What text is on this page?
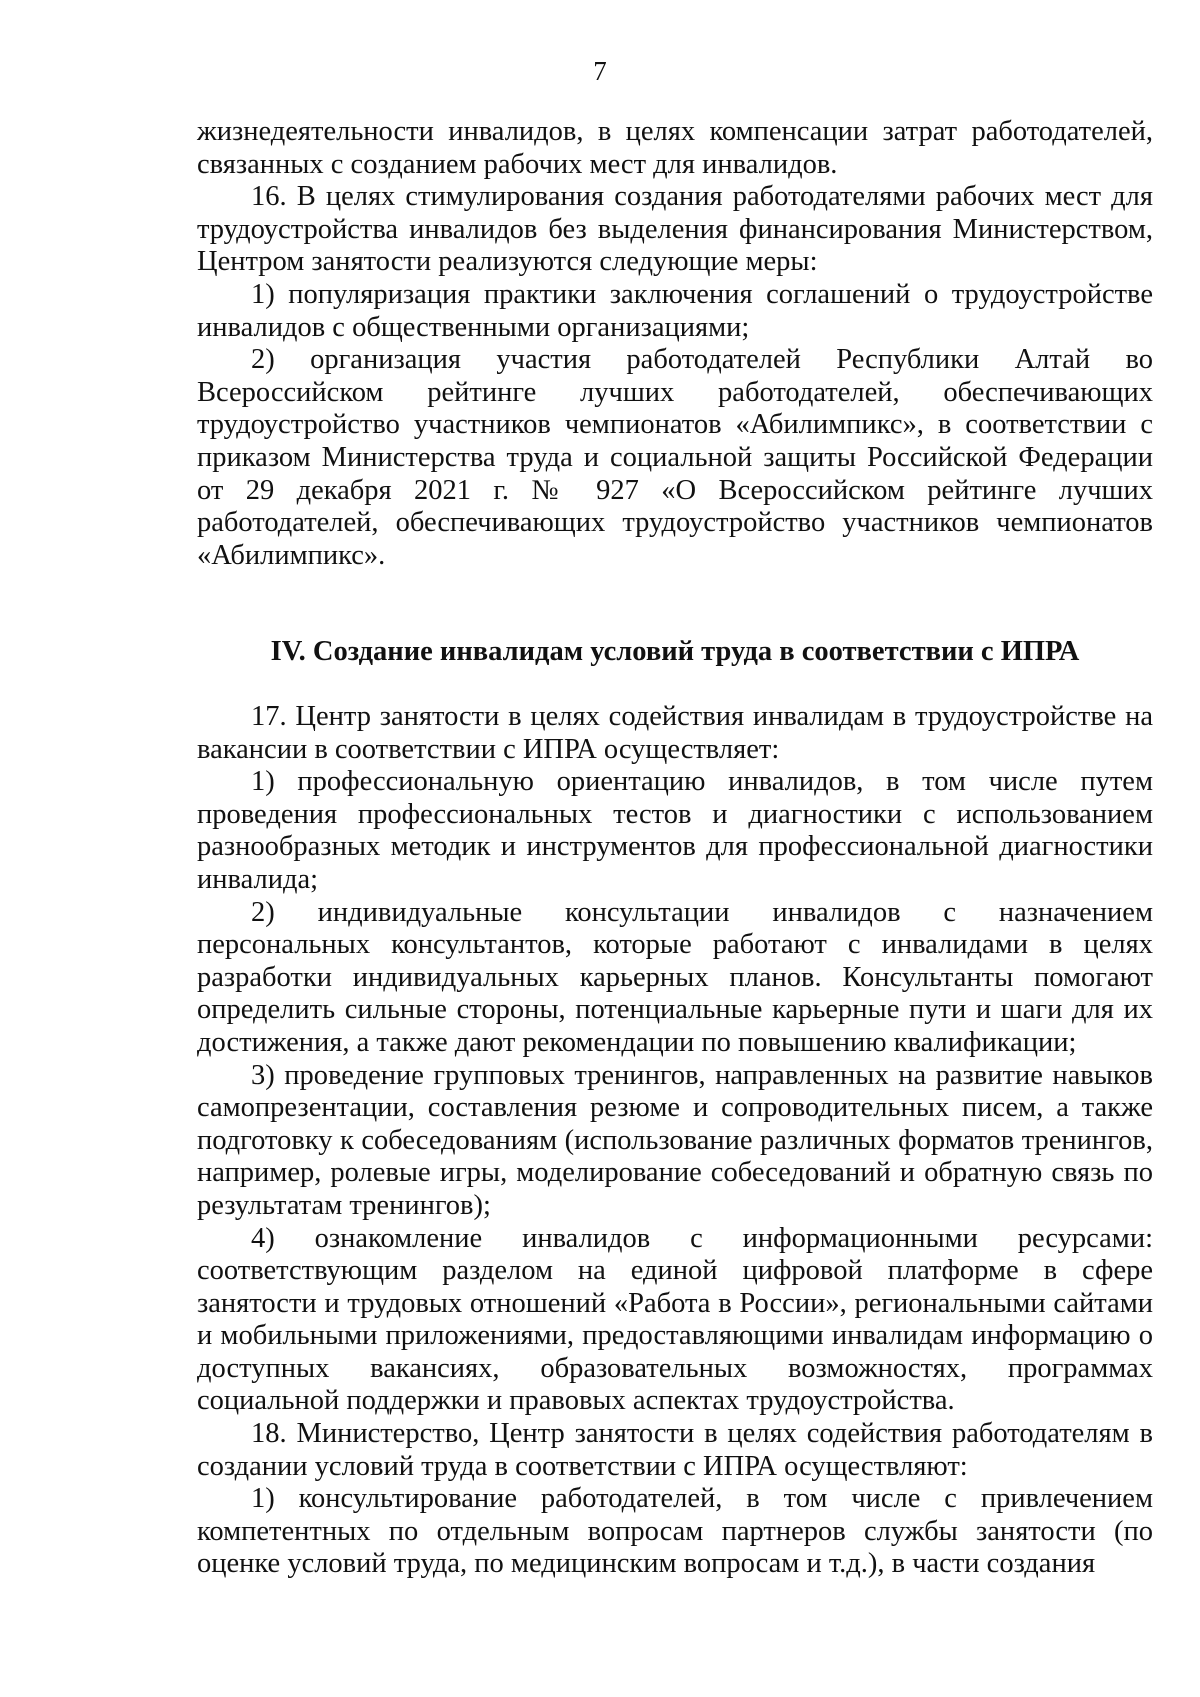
7

жизнедеятельности инвалидов, в целях компенсации затрат работодателей, связанных с созданием рабочих мест для инвалидов.

16. В целях стимулирования создания работодателями рабочих мест для трудоустройства инвалидов без выделения финансирования Министерством, Центром занятости реализуются следующие меры:

1) популяризация практики заключения соглашений о трудоустройстве инвалидов с общественными организациями;

2) организация участия работодателей Республики Алтай во Всероссийском рейтинге лучших работодателей, обеспечивающих трудоустройство участников чемпионатов «Абилимпикс», в соответствии с приказом Министерства труда и социальной защиты Российской Федерации от 29 декабря 2021 г. № 927 «О Всероссийском рейтинге лучших работодателей, обеспечивающих трудоустройство участников чемпионатов «Абилимпикс».

IV. Создание инвалидам условий труда в соответствии с ИПРА

17. Центр занятости в целях содействия инвалидам в трудоустройстве на вакансии в соответствии с ИПРА осуществляет:

1) профессиональную ориентацию инвалидов, в том числе путем проведения профессиональных тестов и диагностики с использованием разнообразных методик и инструментов для профессиональной диагностики инвалида;

2) индивидуальные консультации инвалидов с назначением персональных консультантов, которые работают с инвалидами в целях разработки индивидуальных карьерных планов. Консультанты помогают определить сильные стороны, потенциальные карьерные пути и шаги для их достижения, а также дают рекомендации по повышению квалификации;

3) проведение групповых тренингов, направленных на развитие навыков самопрезентации, составления резюме и сопроводительных писем, а также подготовку к собеседованиям (использование различных форматов тренингов, например, ролевые игры, моделирование собеседований и обратную связь по результатам тренингов);

4) ознакомление инвалидов с информационными ресурсами: соответствующим разделом на единой цифровой платформе в сфере занятости и трудовых отношений «Работа в России», региональными сайтами и мобильными приложениями, предоставляющими инвалидам информацию о доступных вакансиях, образовательных возможностях, программах социальной поддержки и правовых аспектах трудоустройства.

18. Министерство, Центр занятости в целях содействия работодателям в создании условий труда в соответствии с ИПРА осуществляют:

1) консультирование работодателей, в том числе с привлечением компетентных по отдельным вопросам партнеров службы занятости (по оценке условий труда, по медицинским вопросам и т.д.), в части создания
